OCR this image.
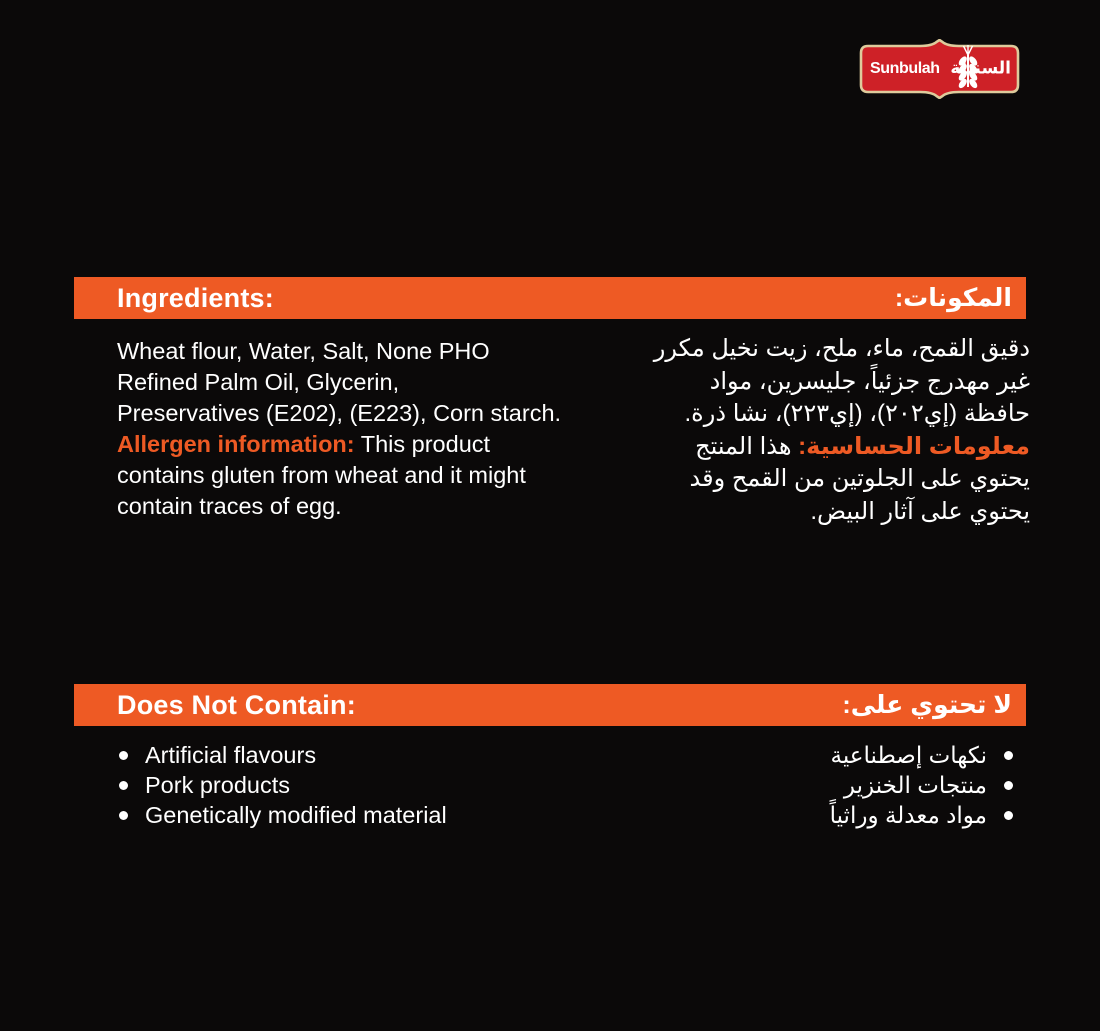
Sunbulah السنبلة
Ingredients:	المكونات:
Wheat flour, Water, Salt, None PHO
Refined Palm Oil, Glycerin,
Preservatives (E202), (E223), Corn starch.
Allergen information: This product
contains gluten from wheat and it might
contain traces of egg.
دقيق القمح، ماء، ملح، زيت نخيل مكرر
غير مهدرج جزئياً، جليسرين، مواد
حافظة (إي٢٠٢)، (إي٢٢٣)، نشا ذرة.
معلومات الحساسية: هذا المنتج
يحتوي على الجلوتين من القمح وقد
يحتوي على آثار البيض.
Does Not Contain:	لا تحتوي على:
Artificial flavours
Pork products
Genetically modified material
نكهات إصطناعية
منتجات الخنزير
مواد معدلة وراثياً
